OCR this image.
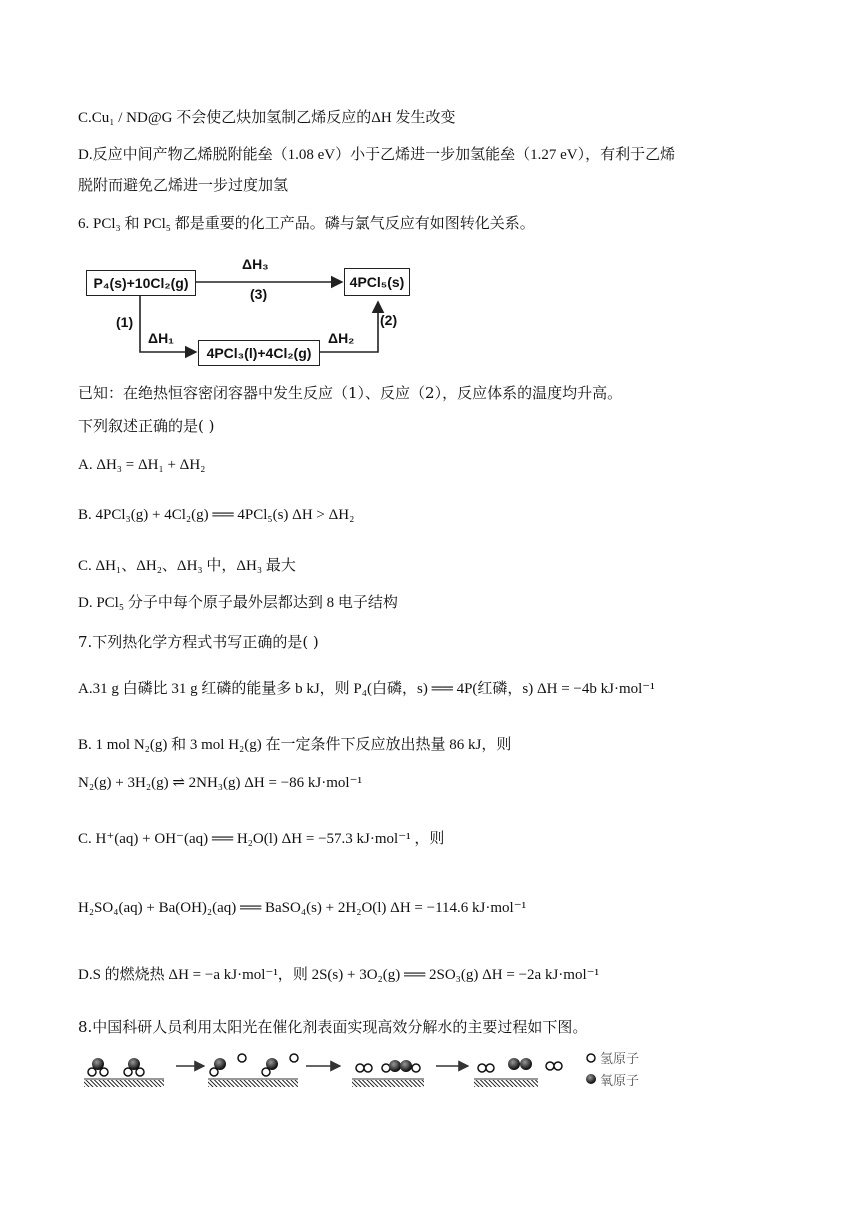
C.Cu₁ / ND@G 不会使乙炔加氢制乙烯反应的ΔH 发生改变
D.反应中间产物乙烯脱附能垒（1.08 eV）小于乙烯进一步加氢能垒（1.27 eV），有利于乙烯
脱附而避免乙烯进一步过度加氢
6. PCl₃ 和 PCl₅ 都是重要的化工产品。磷与氯气反应有如图转化关系。
P₄(s)+10Cl₂(g)	4PCl₅(s)
4PCl₃(l)+4Cl₂(g)
ΔH₃
(3)
(1)
ΔH₁	ΔH₂
(2)
已知：在绝热恒容密闭容器中发生反应（1）、反应（2），反应体系的温度均升高。
下列叙述正确的是( )
A. ΔH₃ = ΔH₁ + ΔH₂
B. 4PCl₃(g) + 4Cl₂(g) ══ 4PCl₅(s) ΔH > ΔH₂
C. ΔH₁、ΔH₂、ΔH₃ 中，ΔH₃ 最大
D. PCl₅ 分子中每个原子最外层都达到 8 电子结构
7.下列热化学方程式书写正确的是( )
A.31 g 白磷比 31 g 红磷的能量多 b kJ，则 P₄(白磷，s) ══ 4P(红磷，s) ΔH = −4b kJ·mol⁻¹
B. 1 mol N₂(g) 和 3 mol H₂(g) 在一定条件下反应放出热量 86 kJ，则
N₂(g) + 3H₂(g) ⇌ 2NH₃(g) ΔH = −86 kJ·mol⁻¹
C. H⁺(aq) + OH⁻(aq) ══ H₂O(l) ΔH = −57.3 kJ·mol⁻¹ ，则
H₂SO₄(aq) + Ba(OH)₂(aq) ══ BaSO₄(s) + 2H₂O(l) ΔH = −114.6 kJ·mol⁻¹
D.S 的燃烧热 ΔH = −a kJ·mol⁻¹，则 2S(s) + 3O₂(g) ══ 2SO₃(g) ΔH = −2a kJ·mol⁻¹
8.中国科研人员利用太阳光在催化剂表面实现高效分解水的主要过程如下图。
氢原子
氧原子
